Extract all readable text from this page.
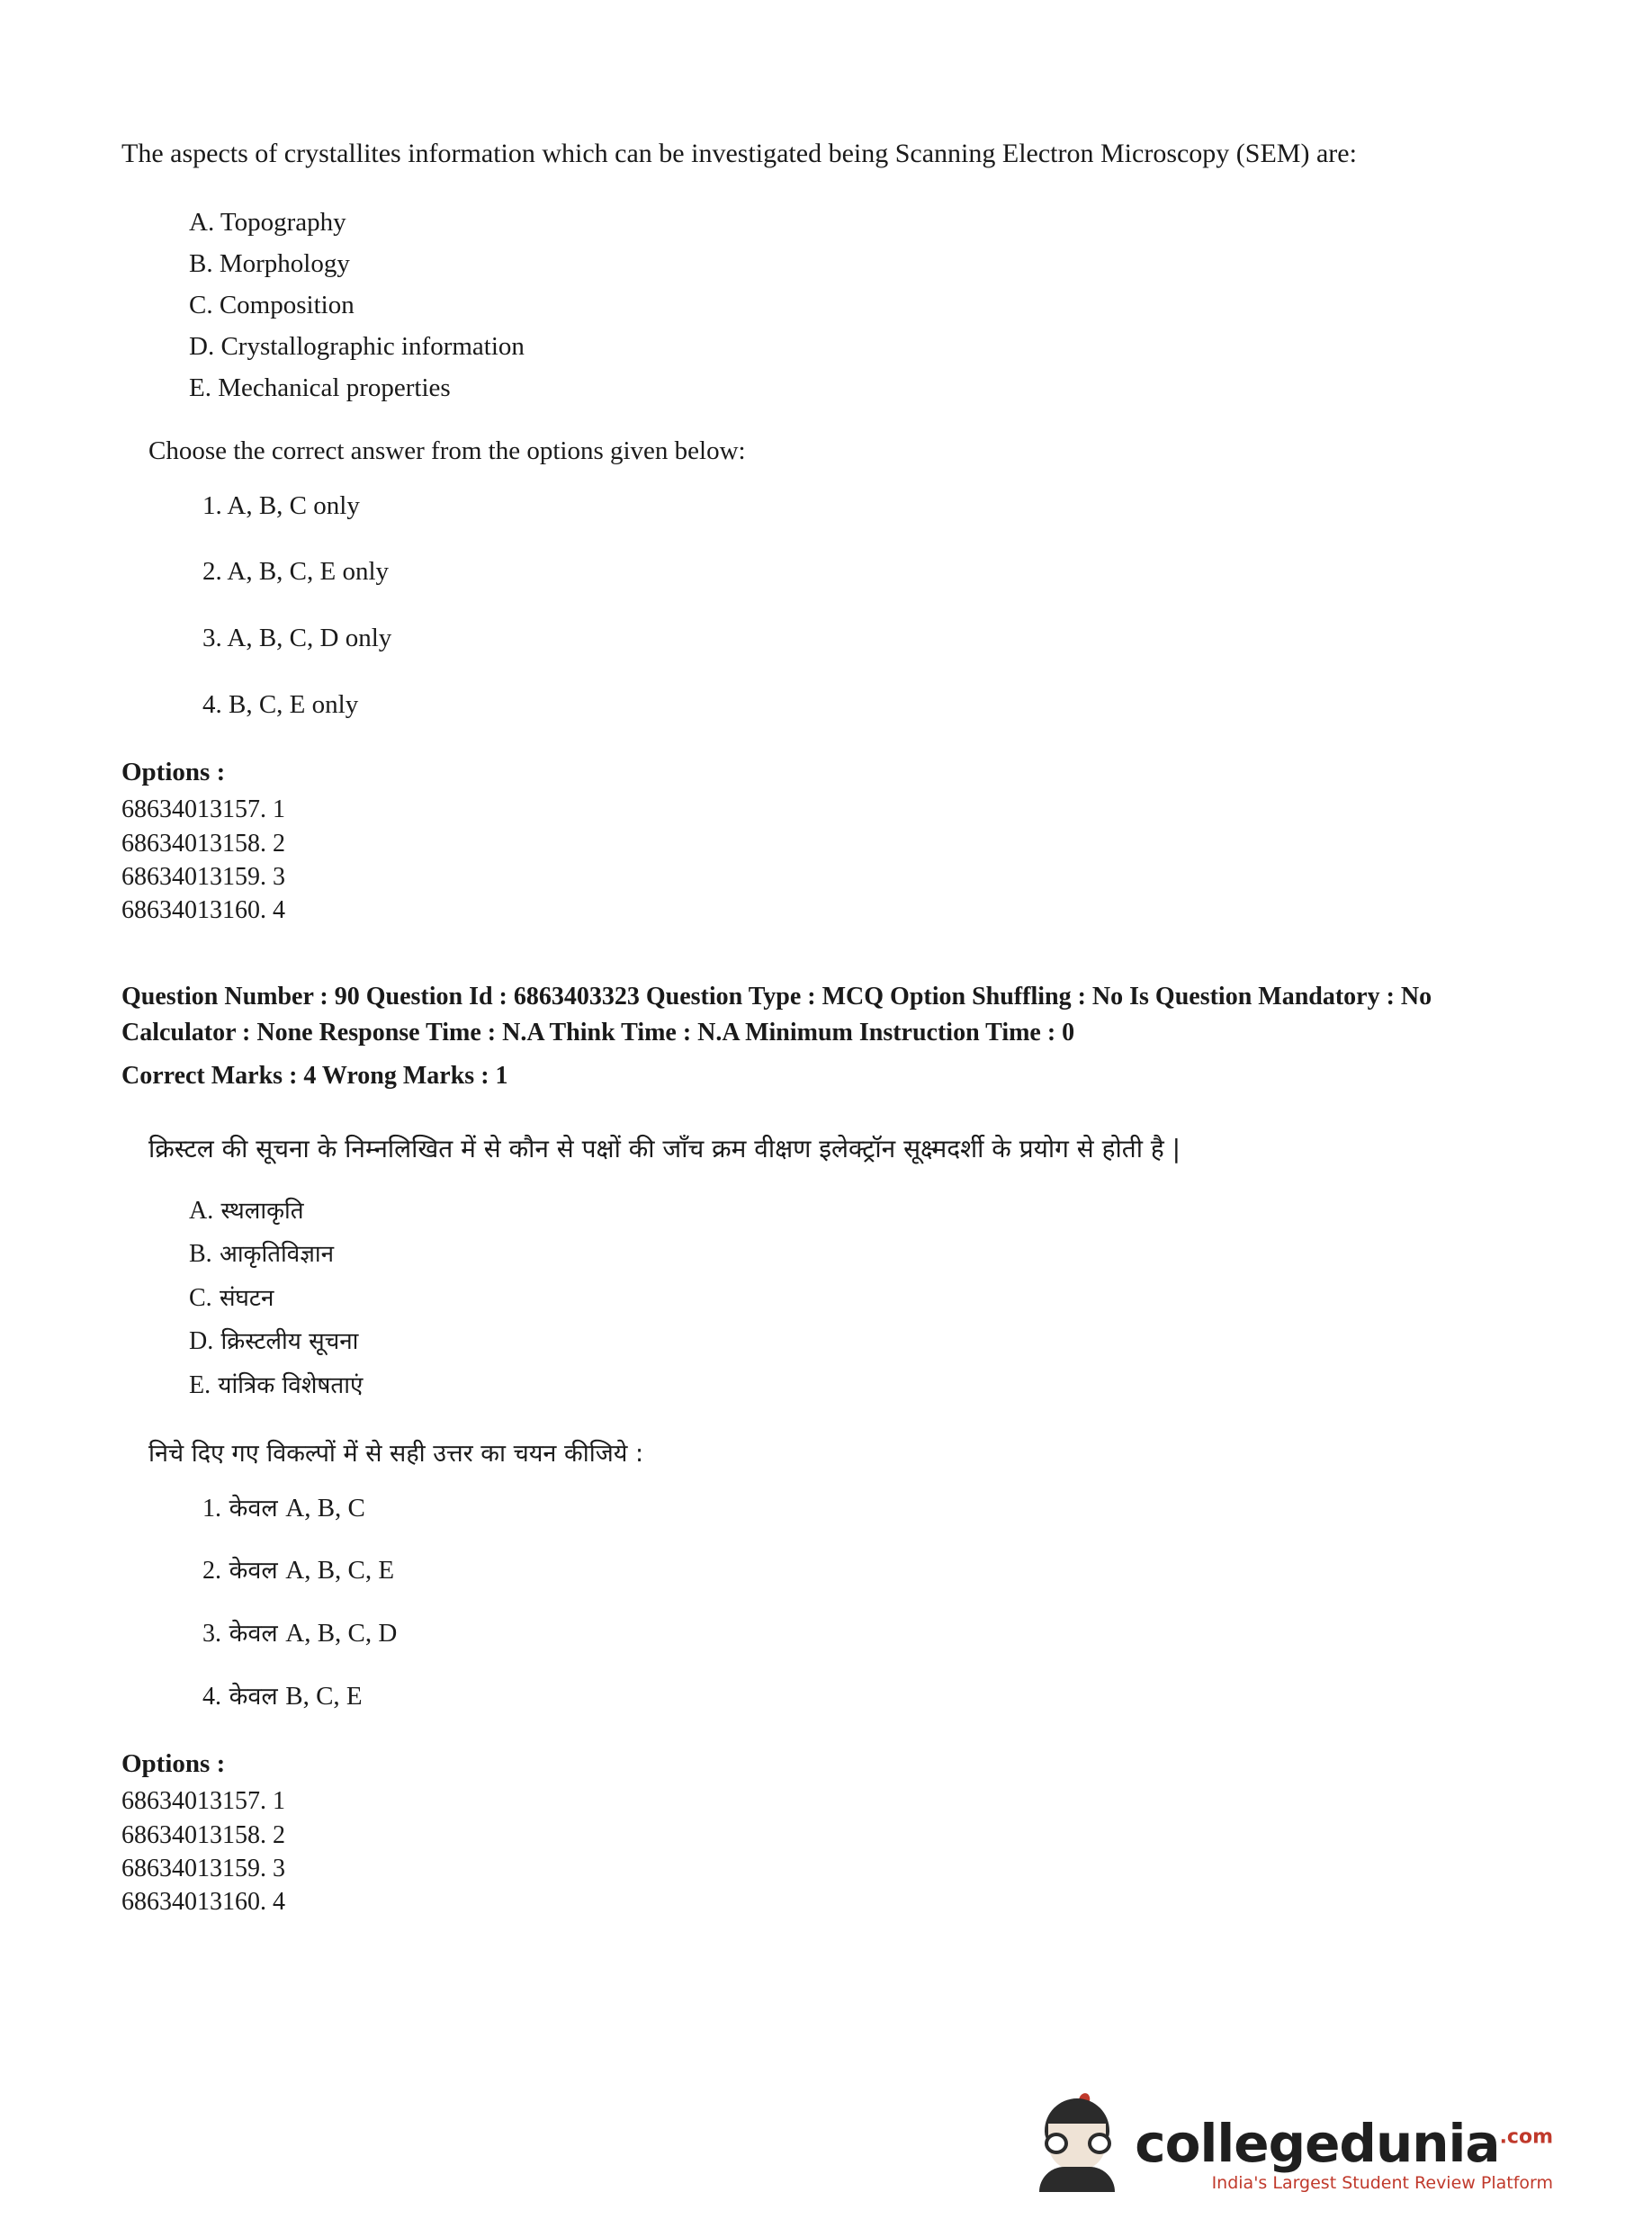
The aspects of crystallites information which can be investigated being Scanning Electron Microscopy (SEM) are:

A. Topography
B. Morphology
C. Composition
D. Crystallographic information
E. Mechanical properties

Choose the correct answer from the options given below:

1. A, B, C only
2. A, B, C, E only
3. A, B, C, D only
4. B, C, E only

Options :

68634013157. 1
68634013158. 2
68634013159. 3
68634013160. 4
Question Number : 90 Question Id : 6863403323 Question Type : MCQ Option Shuffling : No Is Question Mandatory : No Calculator : None Response Time : N.A Think Time : N.A Minimum Instruction Time : 0
Correct Marks : 4 Wrong Marks : 1

क्रिस्टल की सूचना के निम्नलिखित में से कौन से पक्षों की जाँच क्रम वीक्षण इलेक्ट्रॉन सूक्ष्मदर्शी के प्रयोग से होती है |

A. स्थलाकृति
B. आकृतिविज्ञान
C. संघटन
D. क्रिस्टलीय सूचना
E. यांत्रिक विशेषताएं

निचे दिए गए विकल्पों में से सही उत्तर का चयन कीजिये :

1. केवल A, B, C
2. केवल A, B, C, E
3. केवल A, B, C, D
4. केवल B, C, E

Options :

68634013157. 1
68634013158. 2
68634013159. 3
68634013160. 4
collegedunia$^{.com}$
India's Largest Student Review Platform
